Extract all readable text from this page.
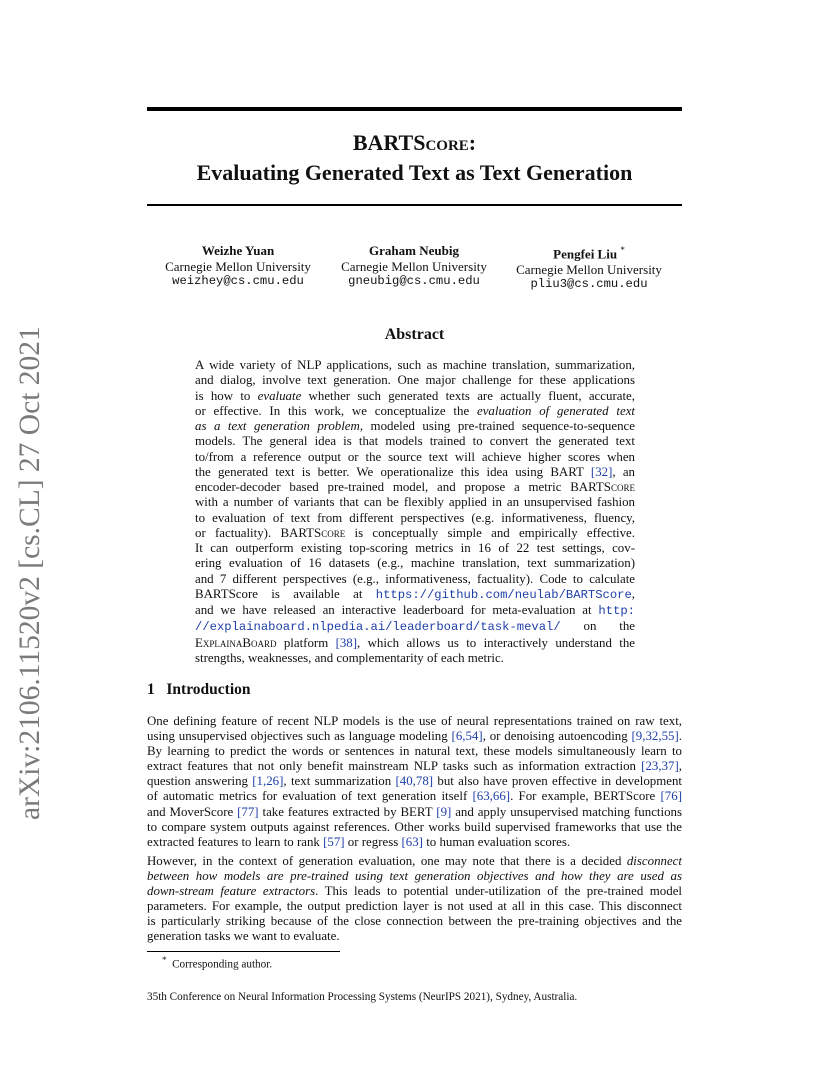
arXiv:2106.11520v2 [cs.CL] 27 Oct 2021
BARTScore:
Evaluating Generated Text as Text Generation
Weizhe Yuan
Carnegie Mellon University
weizhey@cs.cmu.edu
Graham Neubig
Carnegie Mellon University
gneubig@cs.cmu.edu
Pengfei Liu *
Carnegie Mellon University
pliu3@cs.cmu.edu
Abstract
A wide variety of NLP applications, such as machine translation, summarization,
and dialog, involve text generation. One major challenge for these applications
is how to evaluate whether such generated texts are actually fluent, accurate,
or effective. In this work, we conceptualize the evaluation of generated text
as a text generation problem, modeled using pre-trained sequence-to-sequence
models. The general idea is that models trained to convert the generated text
to/from a reference output or the source text will achieve higher scores when
the generated text is better. We operationalize this idea using BART [32], an
encoder-decoder based pre-trained model, and propose a metric BARTScore
with a number of variants that can be flexibly applied in an unsupervised fashion
to evaluation of text from different perspectives (e.g. informativeness, fluency,
or factuality). BARTScore is conceptually simple and empirically effective.
It can outperform existing top-scoring metrics in 16 of 22 test settings, cov-
ering evaluation of 16 datasets (e.g., machine translation, text summarization)
and 7 different perspectives (e.g., informativeness, factuality). Code to calculate
BARTScore is available at https://github.com/neulab/BARTScore,
and we have released an interactive leaderboard for meta-evaluation at http:
//explainaboard.nlpedia.ai/leaderboard/task-meval/ on the
ExplainaBoard platform [38], which allows us to interactively understand the
strengths, weaknesses, and complementarity of each metric.
1 Introduction
One defining feature of recent NLP models is the use of neural representations trained on raw text,
using unsupervised objectives such as language modeling [6,54], or denoising autoencoding [9,32,55].
By learning to predict the words or sentences in natural text, these models simultaneously learn to
extract features that not only benefit mainstream NLP tasks such as information extraction [23,37],
question answering [1,26], text summarization [40,78] but also have proven effective in development
of automatic metrics for evaluation of text generation itself [63,66]. For example, BERTScore [76]
and MoverScore [77] take features extracted by BERT [9] and apply unsupervised matching functions
to compare system outputs against references. Other works build supervised frameworks that use the
extracted features to learn to rank [57] or regress [63] to human evaluation scores.
However, in the context of generation evaluation, one may note that there is a decided disconnect
between how models are pre-trained using text generation objectives and how they are used as
down-stream feature extractors. This leads to potential under-utilization of the pre-trained model
parameters. For example, the output prediction layer is not used at all in this case. This disconnect
is particularly striking because of the close connection between the pre-training objectives and the
generation tasks we want to evaluate.
* Corresponding author.
35th Conference on Neural Information Processing Systems (NeurIPS 2021), Sydney, Australia.
